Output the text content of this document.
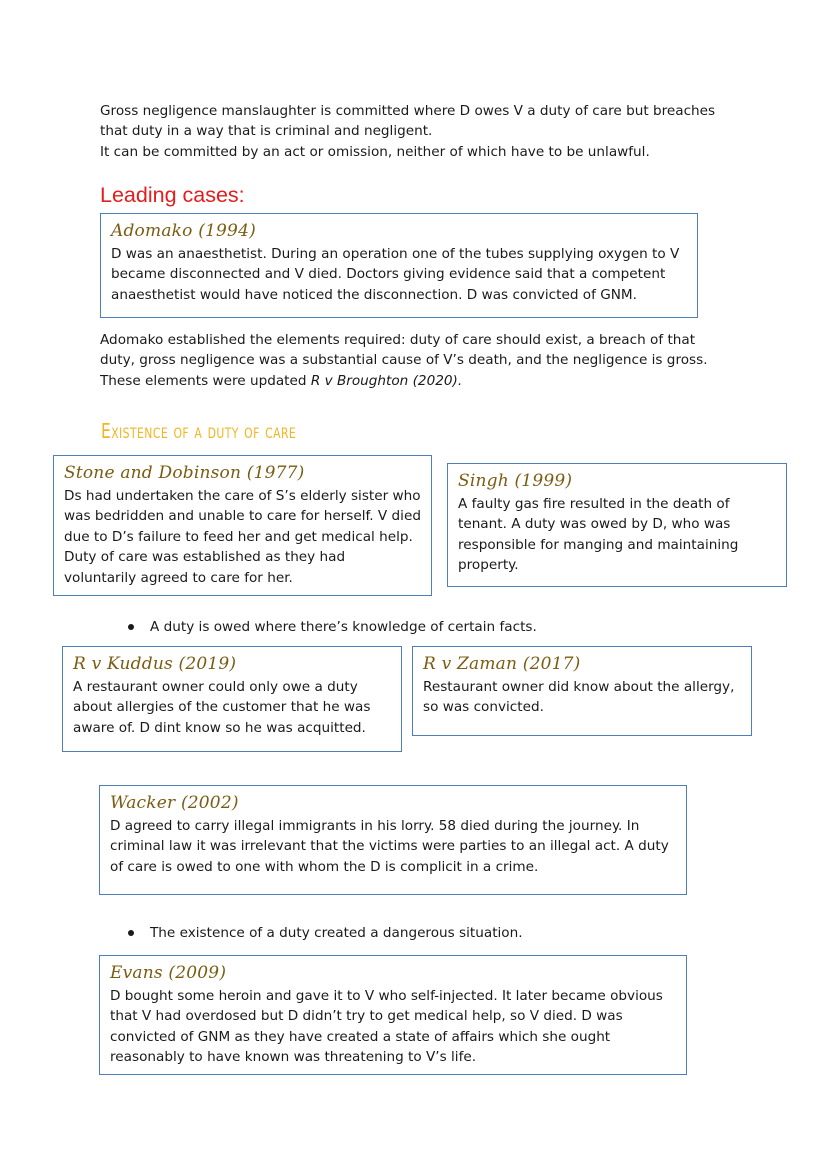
Gross negligence manslaughter is committed where D owes V a duty of care but breaches that duty in a way that is criminal and negligent.

It can be committed by an act or omission, neither of which have to be unlawful.

Leading cases:
Adomako (1994)
D was an anaesthetist. During an operation one of the tubes supplying oxygen to V became disconnected and V died. Doctors giving evidence said that a competent anaesthetist would have noticed the disconnection. D was convicted of GNM.
Adomako established the elements required: duty of care should exist, a breach of that duty, gross negligence was a substantial cause of V’s death, and the negligence is gross. These elements were updated R v Broughton (2020).
Existence of a duty of care
Stone and Dobinson (1977)
Ds had undertaken the care of S’s elderly sister who was bedridden and unable to care for herself. V died due to D’s failure to feed her and get medical help. Duty of care was established as they had voluntarily agreed to care for her.
Singh (1999)
A faulty gas fire resulted in the death of tenant. A duty was owed by D, who was responsible for manging and maintaining property.
A duty is owed where there’s knowledge of certain facts.
R v Kuddus (2019)
A restaurant owner could only owe a duty about allergies of the customer that he was aware of. D dint know so he was acquitted.
R v Zaman (2017)
Restaurant owner did know about the allergy, so was convicted.
Wacker (2002)
D agreed to carry illegal immigrants in his lorry. 58 died during the journey. In criminal law it was irrelevant that the victims were parties to an illegal act. A duty of care is owed to one with whom the D is complicit in a crime.
The existence of a duty created a dangerous situation.
Evans (2009)
D bought some heroin and gave it to V who self-injected. It later became obvious that V had overdosed but D didn’t try to get medical help, so V died. D was convicted of GNM as they have created a state of affairs which she ought reasonably to have known was threatening to V’s life.
